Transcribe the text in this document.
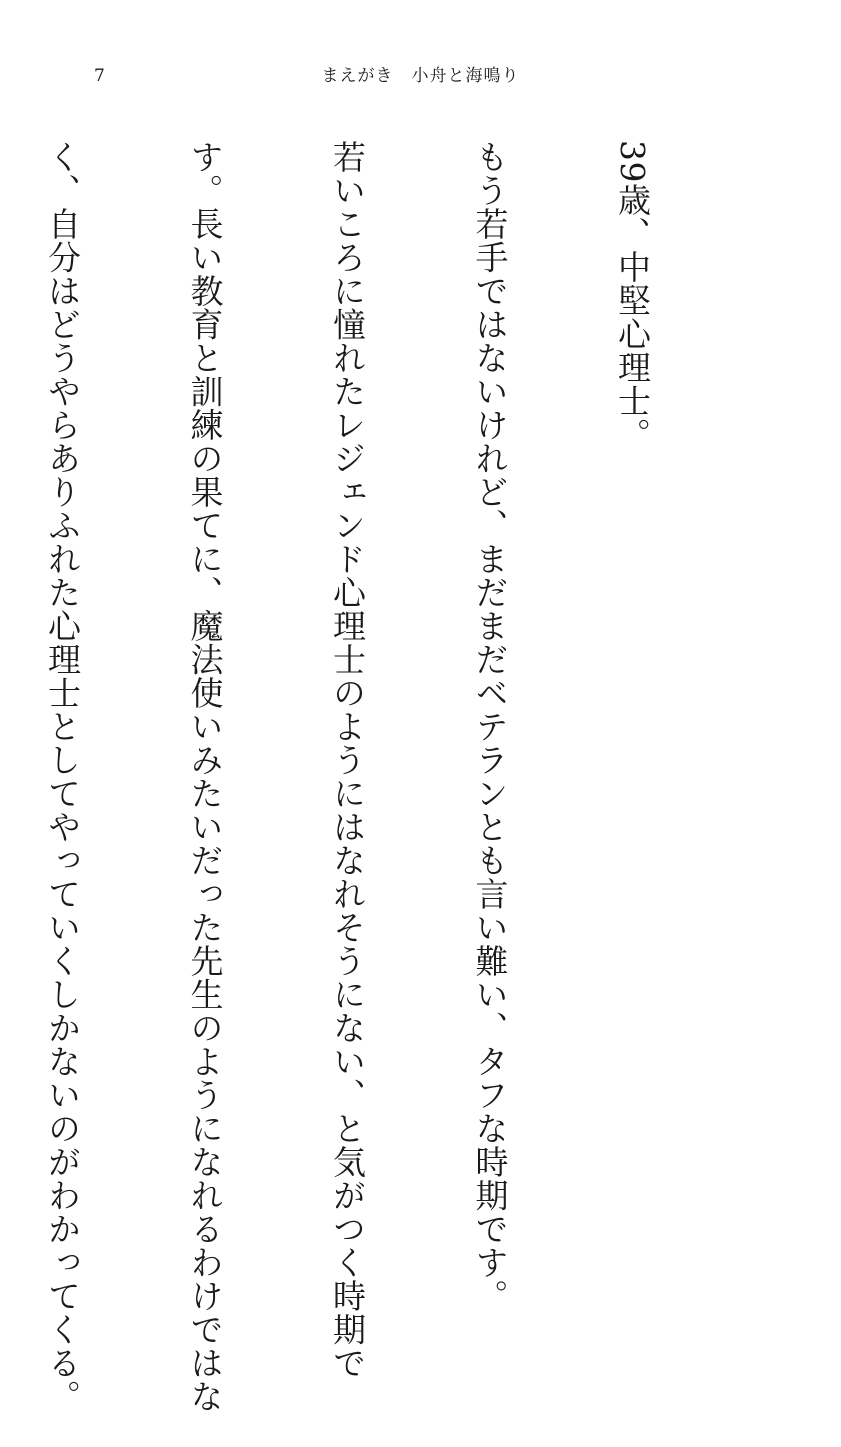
7	まえがき　小舟と海鳴り

39歳、中堅心理士。

もう若手ではないけれど、まだまだベテランとも言い難い、タフな時期です。

若いころに憧れたレジェンド心理士のようにはなれそうにない、と気がつく時期で

す。長い教育と訓練の果てに、魔法使いみたいだった先生のようになれるわけではな

く、自分はどうやらありふれた心理士としてやっていくしかないのがわかってくる。
